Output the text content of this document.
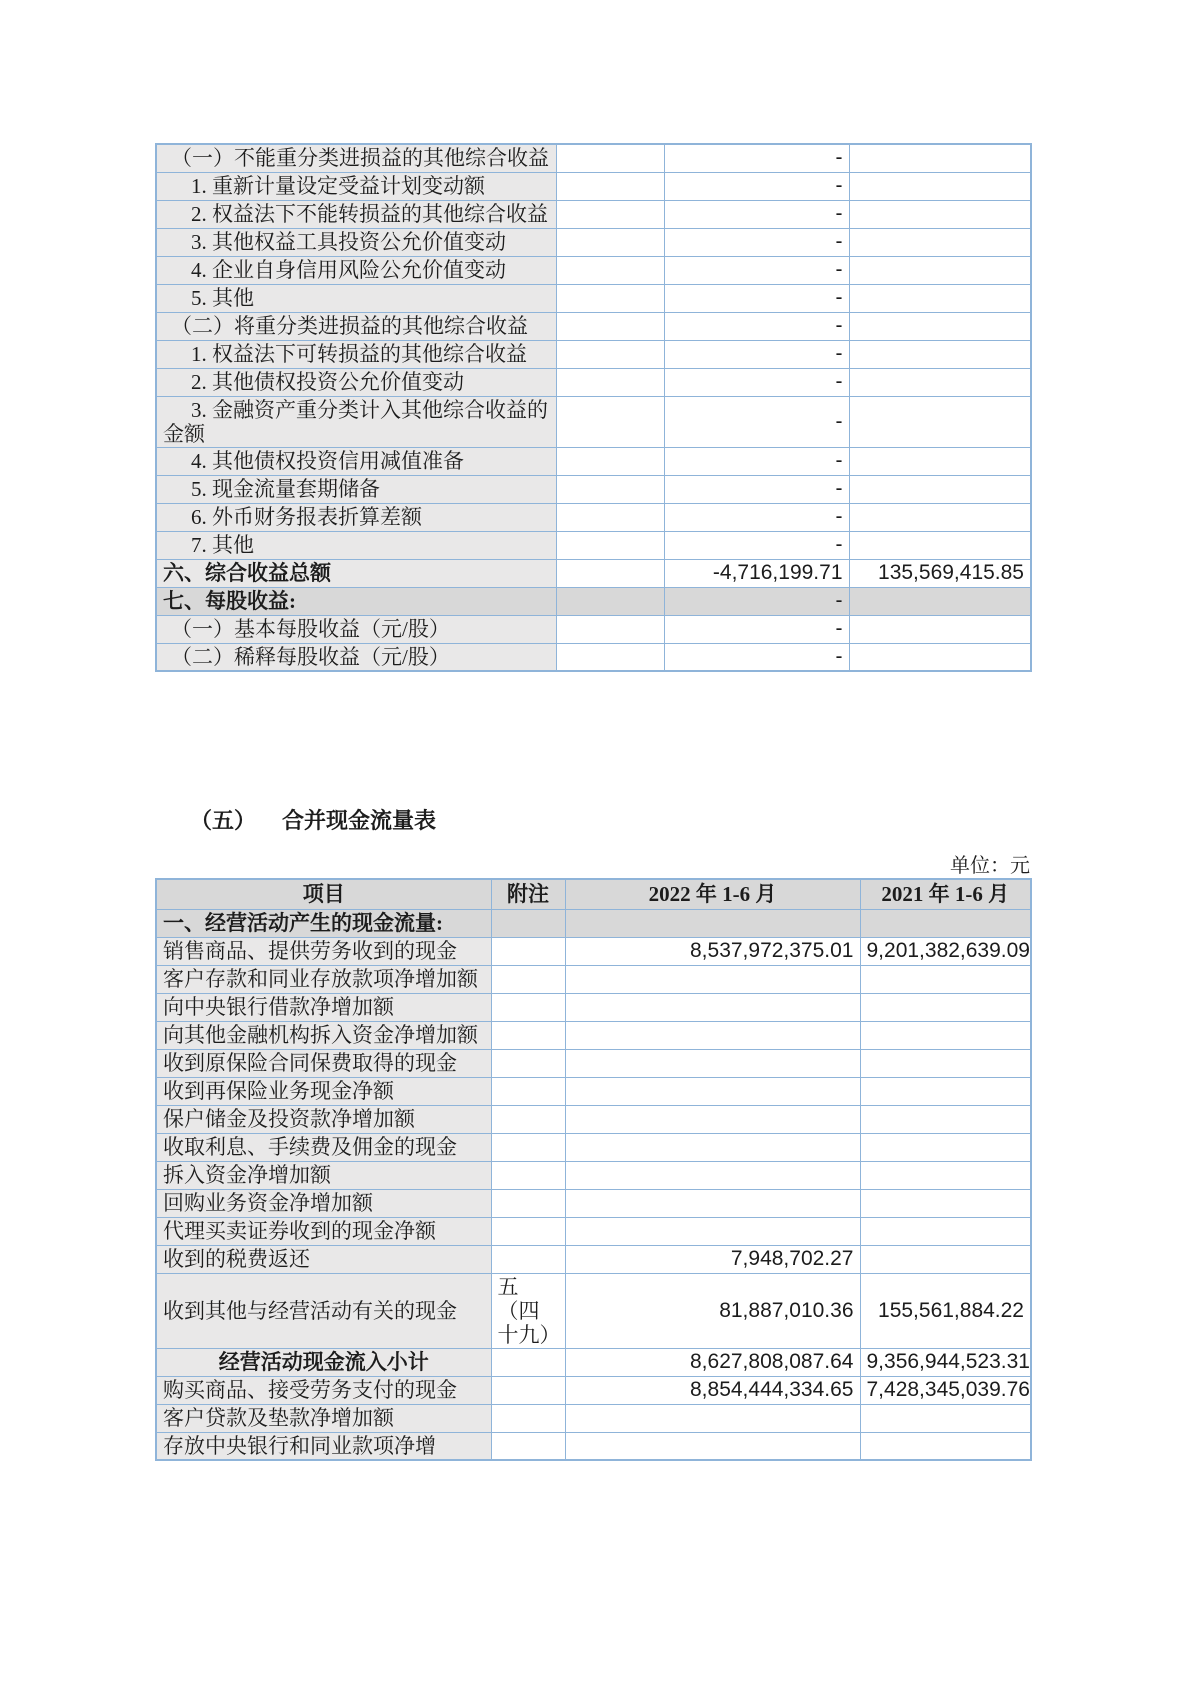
（一）不能重分类进损益的其他综合收益		-	
1. 重新计量设定受益计划变动额		-	
2. 权益法下不能转损益的其他综合收益		-	
3. 其他权益工具投资公允价值变动		-	
4. 企业自身信用风险公允价值变动		-	
5. 其他		-	
（二）将重分类进损益的其他综合收益		-	
1. 权益法下可转损益的其他综合收益		-	
2. 其他债权投资公允价值变动		-	
3. 金融资产重分类计入其他综合收益的金额		-	
4. 其他债权投资信用减值准备		-	
5. 现金流量套期储备		-	
6. 外币财务报表折算差额		-	
7. 其他		-	
六、综合收益总额		-4,716,199.71	135,569,415.85
七、每股收益:		-	
（一）基本每股收益（元/股）		-	
（二）稀释每股收益（元/股）		-	
（五） 合并现金流量表
单位：元
项目	附注	2022 年 1-6 月	2021 年 1-6 月
一、经营活动产生的现金流量:			
销售商品、提供劳务收到的现金		8,537,972,375.01	9,201,382,639.09
客户存款和同业存放款项净增加额			
向中央银行借款净增加额			
向其他金融机构拆入资金净增加额			
收到原保险合同保费取得的现金			
收到再保险业务现金净额			
保户储金及投资款净增加额			
收取利息、手续费及佣金的现金			
拆入资金净增加额			
回购业务资金净增加额			
代理买卖证券收到的现金净额			
收到的税费返还		7,948,702.27	
收到其他与经营活动有关的现金	五（四十九）	81,887,010.36	155,561,884.22
经营活动现金流入小计		8,627,808,087.64	9,356,944,523.31
购买商品、接受劳务支付的现金		8,854,444,334.65	7,428,345,039.76
客户贷款及垫款净增加额			
存放中央银行和同业款项净增			
